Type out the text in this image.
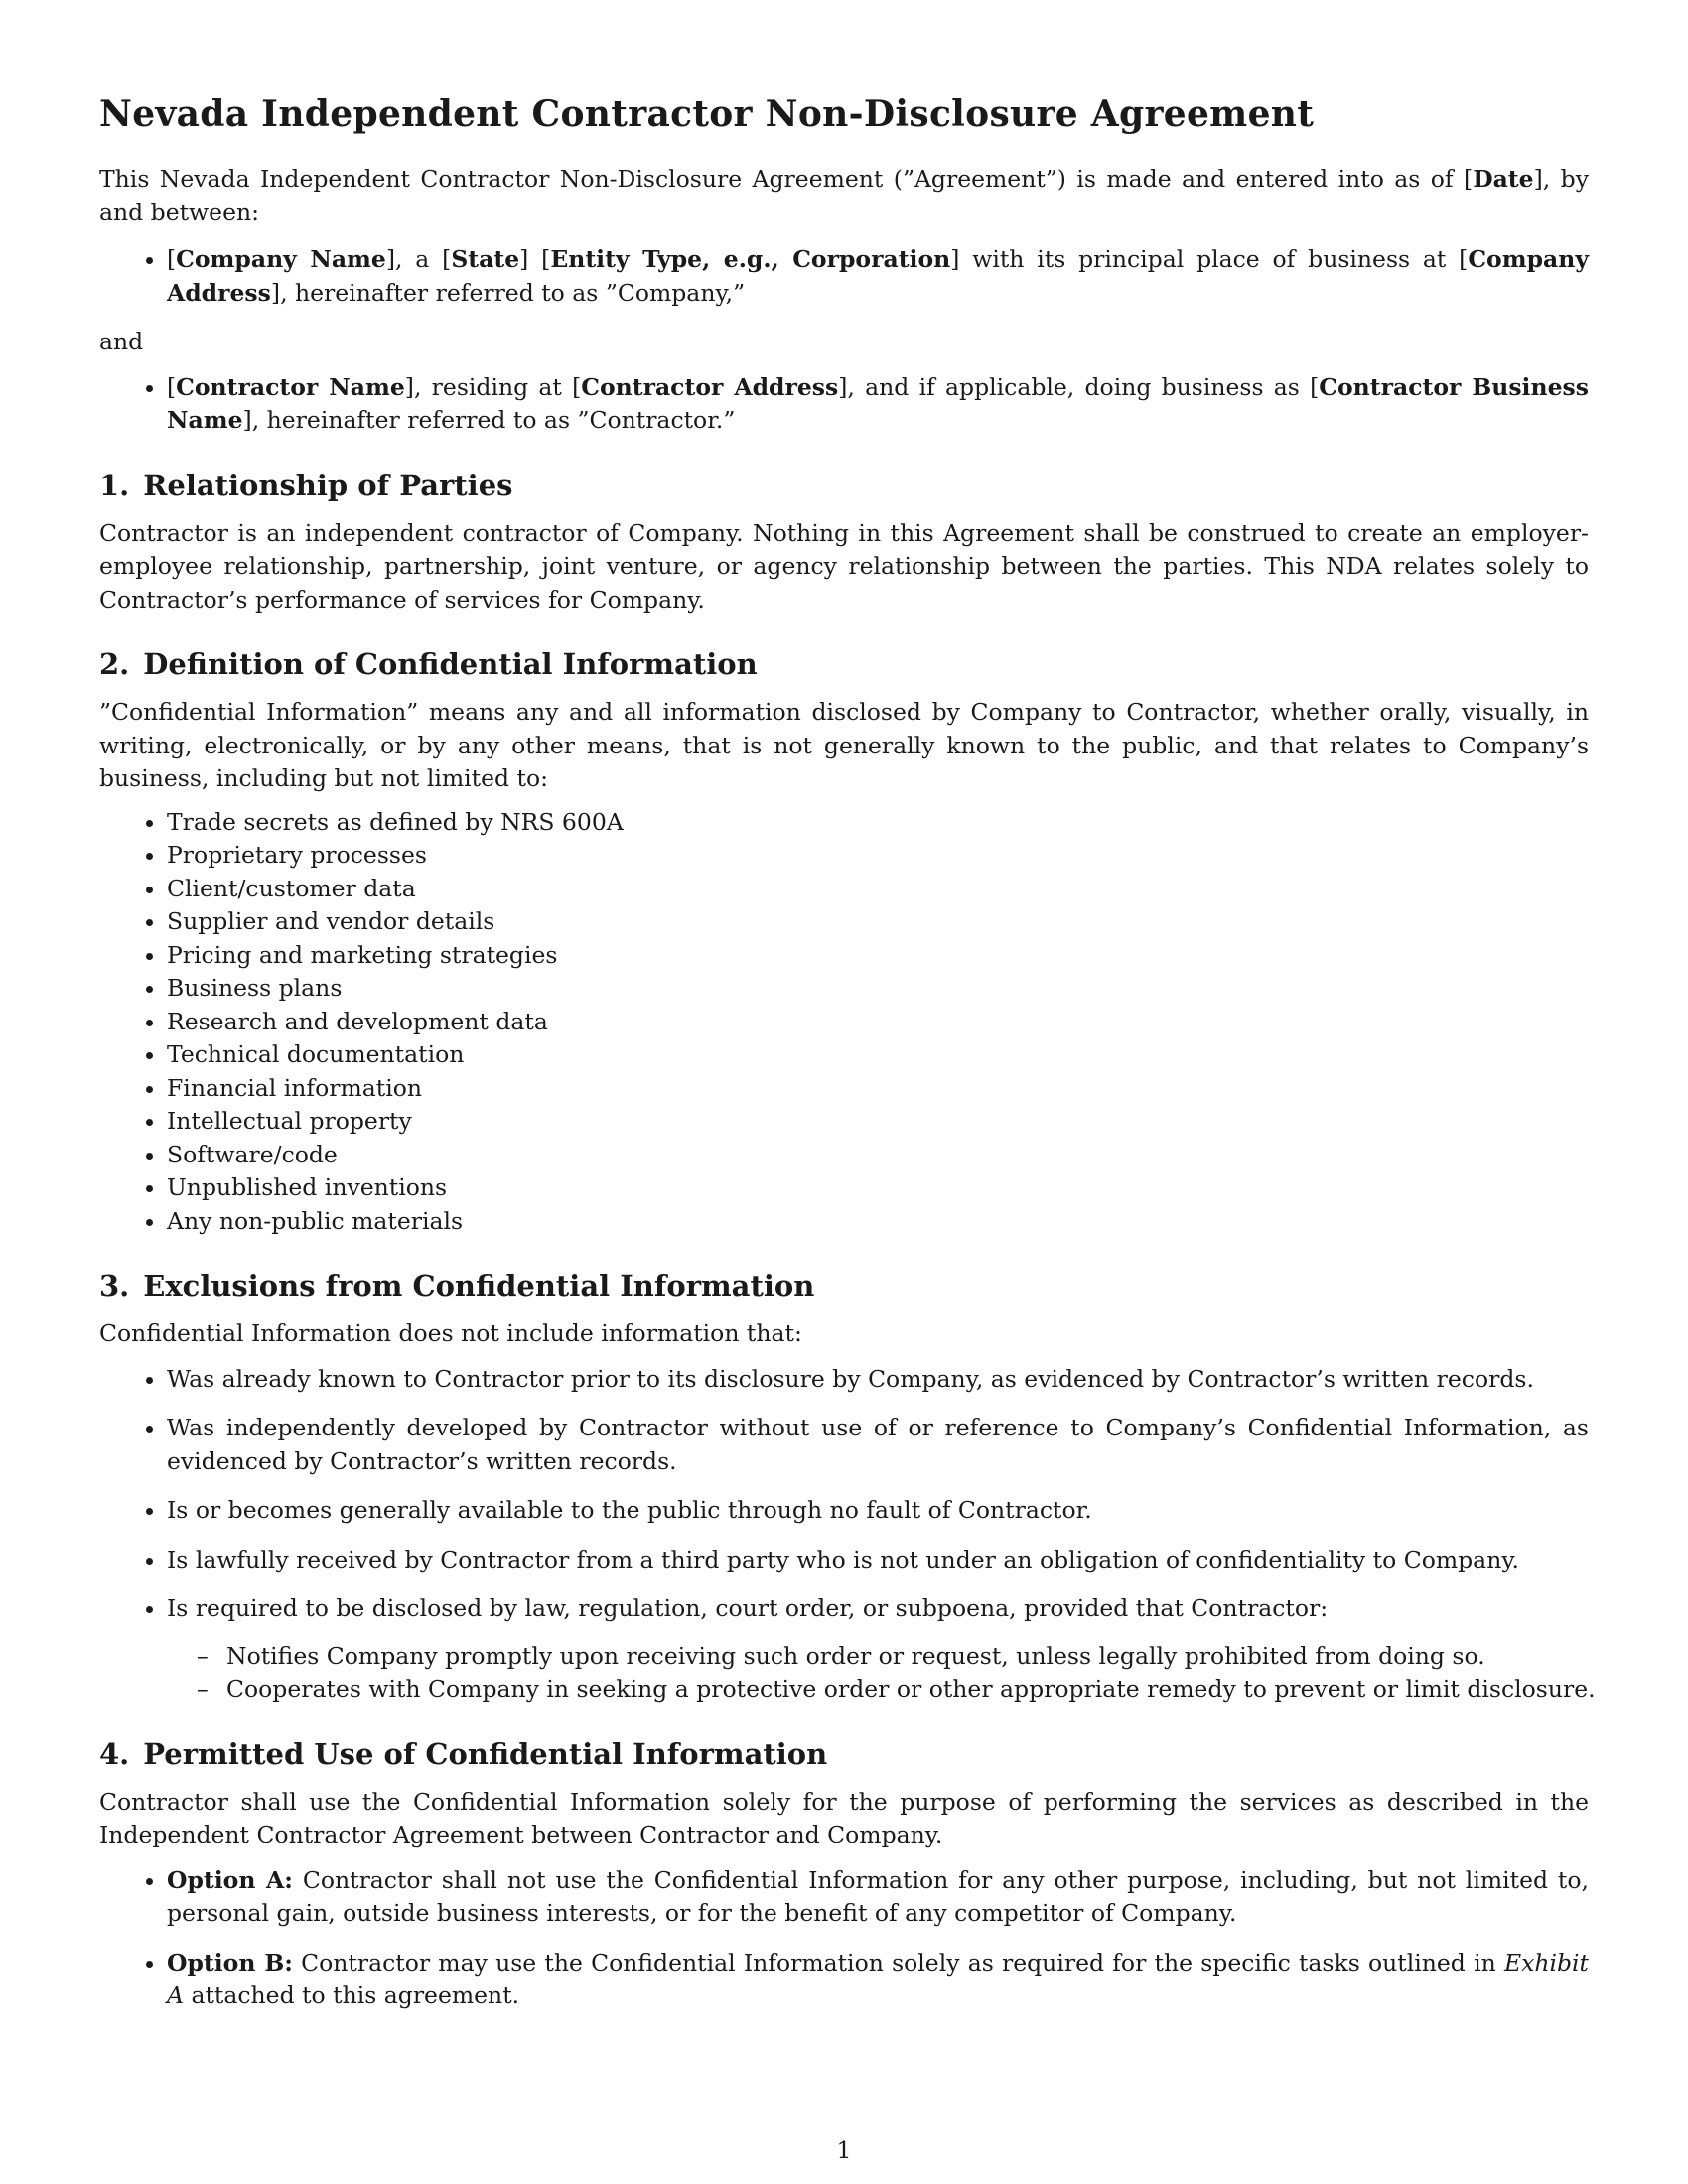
Nevada Independent Contractor Non-Disclosure Agreement

This Nevada Independent Contractor Non-Disclosure Agreement (”Agreement”) is made and entered into as of [Date], by and between:

• [Company Name], a [State] [Entity Type, e.g., Corporation] with its principal place of business at [Company Address], hereinafter referred to as ”Company,”
and
• [Contractor Name], residing at [Contractor Address], and if applicable, doing business as [Contractor Business Name], hereinafter referred to as ”Contractor.”
1. Relationship of Parties

Contractor is an independent contractor of Company. Nothing in this Agreement shall be construed to create an employer-employee relationship, partnership, joint venture, or agency relationship between the parties. This NDA relates solely to Contractor’s performance of services for Company.

2. Definition of Confidential Information

”Confidential Information” means any and all information disclosed by Company to Contractor, whether orally, visually, in writing, electronically, or by any other means, that is not generally known to the public, and that relates to Company’s business, including but not limited to:

• Trade secrets as defined by NRS 600A
• Proprietary processes
• Client/customer data
• Supplier and vendor details
• Pricing and marketing strategies
• Business plans
• Research and development data
• Technical documentation
• Financial information
• Intellectual property
• Software/code
• Unpublished inventions
• Any non-public materials
3. Exclusions from Confidential Information

Confidential Information does not include information that:

• Was already known to Contractor prior to its disclosure by Company, as evidenced by Contractor’s written records.
• Was independently developed by Contractor without use of or reference to Company’s Confidential Information, as evidenced by Contractor’s written records.
• Is or becomes generally available to the public through no fault of Contractor.
• Is lawfully received by Contractor from a third party who is not under an obligation of confidentiality to Company.
• Is required to be disclosed by law, regulation, court order, or subpoena, provided that Contractor:
– Notifies Company promptly upon receiving such order or request, unless legally prohibited from doing so.
– Cooperates with Company in seeking a protective order or other appropriate remedy to prevent or limit disclosure.
4. Permitted Use of Confidential Information

Contractor shall use the Confidential Information solely for the purpose of performing the services as described in the Independent Contractor Agreement between Contractor and Company.

• Option A: Contractor shall not use the Confidential Information for any other purpose, including, but not limited to, personal gain, outside business interests, or for the benefit of any competitor of Company.
• Option B: Contractor may use the Confidential Information solely as required for the specific tasks outlined in Exhibit A attached to this agreement.
1
